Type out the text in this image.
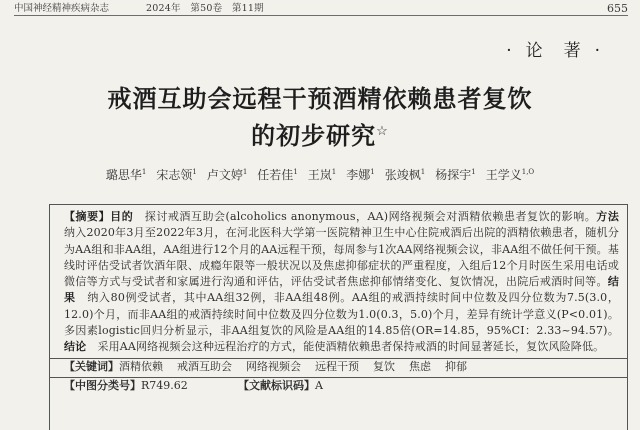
中国神经精神疾病杂志	2024年　第50卷　第11期	655
· 论　著 ·
戒酒互助会远程干预酒精依赖患者复饮
的初步研究☆
璐思华$^1$ 宋志领$^1$ 卢文婷$^1$ 任若佳$^1$ 王岚$^1$ 李娜$^1$ 张竣枫$^1$ 杨探宇$^1$ 王学义$^{1,O}$
【摘要】目的　 探讨戒酒互助会(alcoholics anonymous，AA)网络视频会对酒精依赖患者复饮的影响。方法　纳入2020年3月至2022年3月，在河北医科大学第一医院精神卫生中心住院戒酒后出院的酒精依赖患者，随机分为AA组和非AA组，AA组进行12个月的AA远程干预，每周参与1次AA网络视频会议，非AA组不做任何干预。基线时评估受试者饮酒年限、成瘾年限等一般状况以及焦虑抑郁症状的严重程度，入组后12个月时医生采用电话或微信等方式与受试者和家属进行沟通和评估，评估受试者焦虑抑郁情绪变化、复饮情况，出院后戒酒时间等。结果　 纳入80例受试者，其中AA组32例，非AA组48例。AA组的戒酒持续时间中位数及四分位数为7.5(3.0，12.0)个月，而非AA组的戒酒持续时间中位数及四分位数为1.0(0.3，5.0)个月，差异有统计学意义(P<0.01)。多因素logistic回归分析显示，非AA组复饮的风险是AA组的14.85倍(OR=14.85，95%CI：2.33~94.57)。结论　 采用AA网络视频会这种远程治疗的方式，能使酒精依赖患者保持戒酒的时间显著延长，复饮风险降低。
【关键词】酒精依赖 戒酒互助会 网络视频会 远程干预 复饮 焦虑 抑郁
【中图分类号】R749.62	【文献标识码】A
